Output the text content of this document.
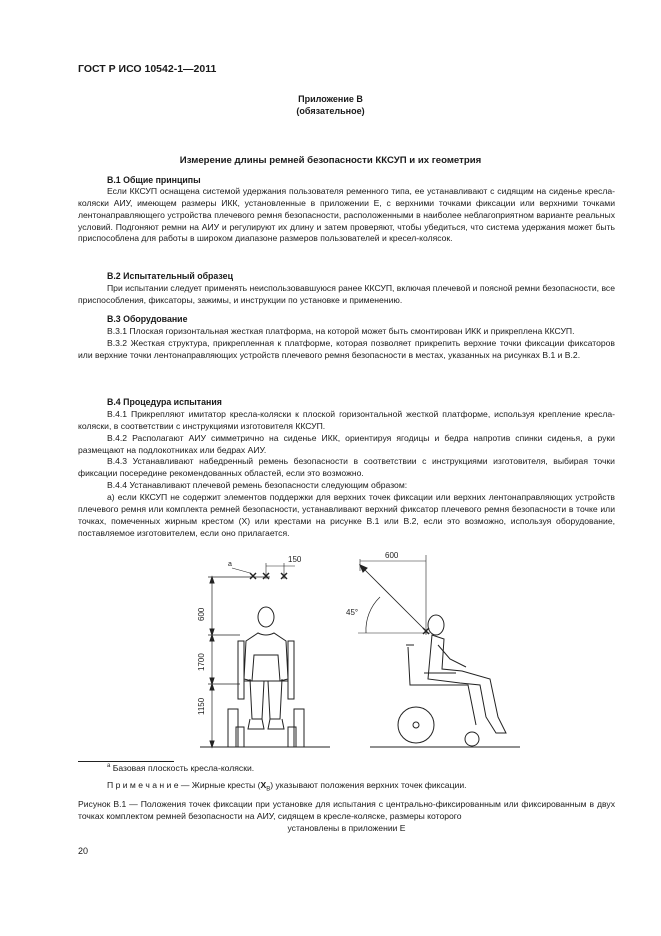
ГОСТ Р ИСО 10542-1—2011
Приложение В
(обязательное)
Измерение длины ремней безопасности ККСУП и их геометрия
В.1 Общие принципы

Если ККСУП оснащена системой удержания пользователя ременного типа, ее устанавливают с сидящим на сиденье кресла-коляски АИУ, имеющем размеры ИКК, установленные в приложении Е, с верхними точками фиксации или верхними точками лентонаправляющего устройства плечевого ремня безопасности, расположенными в наиболее неблагоприятном варианте реальных условий. Подгоняют ремни на АИУ и регулируют их длину и затем проверяют, чтобы убедиться, что система удержания может быть приспособлена для работы в широком диапазоне размеров пользователей и кресел-колясок.

В.2 Испытательный образец

При испытании следует применять неиспользовавшуюся ранее ККСУП, включая плечевой и поясной ремни безопасности, все приспособления, фиксаторы, зажимы, и инструкции по установке и применению.

В.3 Оборудование

В.3.1 Плоская горизонтальная жесткая платформа, на которой может быть смонтирован ИКК и прикреплена ККСУП.

В.3.2 Жесткая структура, прикрепленная к платформе, которая позволяет прикрепить верхние точки фиксации фиксаторов или верхние точки лентонаправляющих устройств плечевого ремня безопасности в местах, указанных на рисунках В.1 и В.2.

В.4 Процедура испытания

В.4.1 Прикрепляют имитатор кресла-коляски к плоской горизонтальной жесткой платформе, используя крепление кресла-коляски, в соответствии с инструкциями изготовителя ККСУП.

В.4.2 Располагают АИУ симметрично на сиденье ИКК, ориентируя ягодицы и бедра напротив спинки сиденья, а руки размещают на подлокотниках или бедрах АИУ.

В.4.3 Устанавливают набедренный ремень безопасности в соответствии с инструкциями изготовителя, выбирая точки фиксации посередине рекомендованных областей, если это возможно.

В.4.4 Устанавливают плечевой ремень безопасности следующим образом:

а) если ККСУП не содержит элементов поддержки для верхних точек фиксации или верхних лентонаправляющих устройств плечевого ремня или комплекта ремней безопасности, устанавливают верхний фиксатор плечевого ремня безопасности в точке или точках, помеченных жирным крестом (X) или крестами на рисунке В.1 или В.2, если это возможно, используя оборудование, поставляемое изготовителем, если оно прилагается.

1700
600
1150
150
a
600
45°
$^a$ Базовая плоскость кресла-коляски.
П р и м е ч а н и е — Жирные кресты $(X_B)$ указывают положения верхних точек фиксации.
Рисунок В.1 — Положения точек фиксации при установке для испытания с центрально-фиксированным или фиксированным в двух точках комплектом ремней безопасности на АИУ, сидящем в кресле-коляске, размеры которого
установлены в приложении Е
20
